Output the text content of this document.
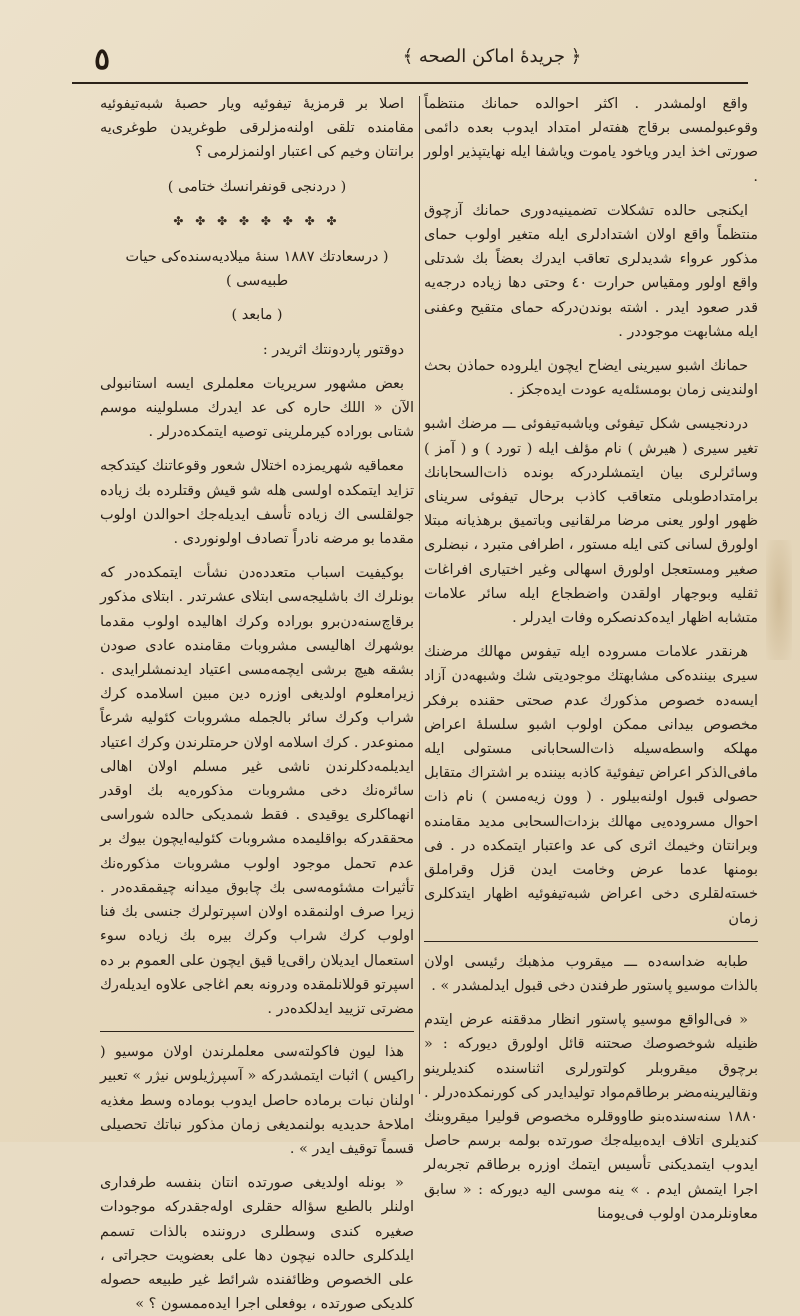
٥	﴿ جريدهٔ اماكن الصحه ﴾

واقع اولمشدر . اكثر احوالده حمانك منتظماً وقوعبولمسى برقاج هفته‌لر امتداد ايدوب بعده دائمى صورتى اخذ ايدر وياخود ياموت وياشفا ايله نهايتپذير اولور .

ايكنجى حالده تشكلات تضمينيه‌دورى حمانك آزچوق منتظماً واقع اولان اشتدادلرى ايله متغير اولوب حماى مذكور عرواء شديدلرى تعاقب ايدرك بعضاً بك شدتلى واقع اولور ومقياس حرارت ٤٠ وحتى دها زياده درجه‌يه قدر صعود ايدر . اشته بوندن‌دركه حماى متقيح وعفنى ايله مشابهت موجوددر .

حمانك اشبو سيرينى ايضاح ايچون ايلروده حماذن بحث اولندينى زمان بومسئله‌يه عودت ايده‌جكز .

دردنجيسى شكل تيفوئى وياشبه‌تيفوئى ـــ مرضك اشبو تغير سيرى ( هيرش ) نام مؤلف ايله ( تورد ) و ( آمز ) وسائرلرى بيان ايتمشلردركه بونده ذات‌السحابانك برامتدادطوبلى متعاقب كاذب برحال تيفوئى سريناى ظهور اولور يعنى مرضا مرلقانيى وباتميق برهذيانه مبتلا اولورق لسانى كتى ايله مستور ، اطرافى متبرد ، نبضلرى صغير ومستعجل اولورق اسهالى وغير اختيارى افراغات ثقليه وبوجهار اولقدن واضطجاع ايله سائر علامات متشابه اظهار ايده‌كدنصكره وفات ايدرلر .

هرنقدر علامات مسروده ايله تيفوس مهالك مرضنك سيرى بيننده‌كى مشابهتك موجوديتى شك وشبهه‌دن آزاد ايسه‌ده خصوص مذكورك عدم صحتى حقنده برفكر مخصوص بيدانى ممكن اولوب اشبو سلسله‌ٔ اعراض مهلكه واسطه‌سيله ذات‌السحابانى مستولى ايله مافى‌الذكر اعراض تيفوئية كاذبه بيننده بر اشتراك متقابل حصولى قبول اولنه‌بيلور . ( وون زيه‌مسن ) نام ذات احوال مسروده‌يى مهالك بزدات‌السحابى مدید مقامنده وبرانتان وخيمك اثرى كى عد واعتبار ايتمكده در . فى بومنها عدما عرض وخامت ايدن قزل وقراملق خسته‌لقلرى دخى اعراض شبه‌تيفوئيه اظهار ايتدكلرى زمان

طبابه ضداسه‌ده ـــ ميقروب مذهبك رئيسى اولان بالذات موسيو پاستور طرفندن دخى قبول ايدلمشدر » .

« فى‌الواقع موسيو پاستور انظار مدققنه عرض ايتدم ظنيله شوخصوصك صحتنه قائل اولورق ديوركه : « برچوق ميقروبلر كولتورلرى اثناسنده كنديلرينو ونقاليرينه‌مضر برطاقم‌مواد توليدايدر كى كورنمكده‌درلر . ١٨٨٠ سنه‌سنده‌بنو طاووقلره مخصوص قوليرا ميقروبنك كنديلرى اتلاف ايده‌بيله‌جك صورتده بولمه برسم حاصل ايدوب ايتمديكنى تأسيس ايتمك اوزره برطاقم تجربه‌لر اجرا ايتمش ايدم . » ينه موسى اليه ديوركه : « سابق معاونلرمدن اولوب فى‌يومنا

اصلا بر قرمزيهٔ تيفوئيه ويار حصبهٔ شبه‌تيفوئيه مقامنده تلقى اولنه‌مزلرقى طوغريدن طوغرى‌يه برانتان وخيم كى اعتبار اولنمزلرمى ؟

( دردنجى قونفرانسك ختامى )

✤ ✤ ✤ ✤ ✤ ✤ ✤ ✤

( درسعادتك ١٨٨٧ سنهٔ ميلاديه‌سنده‌كى حيات طبيه‌سى )

( مابعد )

دوقتور پاردونتك اثريدر :

بعض مشهور سريريات معلملرى ايسه استانبولى الآن « اللك حاره كى عد ايدرك مسلولينه موسم شتاىى بوراده كيرملرينى توصيه ايتمكده‌درلر .

معماقيه شهريمزده اختلال شعور وقوعاتنك كيتدكجه تزايد ايتمكده اولسى هله شو قيش وقتلرده بك زياده جولقلسى اك زياده تأسف ايديله‌جك احوالدن اولوب مقدما بو مرضه نادراً تصادف اولونوردى .

بوكيفيت اسباب متعدده‌دن نشأت ايتمكده‌در كه بونلرك اك باشليجه‌سى ابتلاى عشرتدر . ابتلاى مذكور برقاچ‌سنه‌دن‌برو بوراده وكرك اهاليده اولوب مقدما بوشهرك اهاليسى مشروبات مقامنده عادى صودن بشقه هيچ برشى ايچمه‌مسى اعتياد ايدنمشلرايدى . زيرامعلوم اولديغى اوزره دين مبين اسلامده كرك شراب وكرك سائر بالجمله مشروبات كئوليه شرعاً ممنوعدر . كرك اسلامه اولان حرمتلرندن وكرك اعتياد ايديلمه‌دكلرندن ناشى غير مسلم اولان اهالى سائره‌نك دخى مشروبات مذكوره‌يه بك اوقدر انهماكلرى يوقيدى . فقط شمديكى حالده شوراسى محققدركه بواقليمده مشروبات كئوليه‌ايچون بيوك بر عدم تحمل موجود اولوب مشروبات مذكوره‌نك تأثيرات مشئومه‌سى بك چابوق ميدانه چيقمقده‌در . زيرا صرف اولنمقده اولان اسپرتولرك جنسى بك فنا اولوب كرك شراب وكرك بيره بك زياده سوء استعمال ايديلان راقى‌يا قيق ايچون على العموم بر ده اسپرتو قوللانلمقده ودرونه بعم اغاجى علاوه ايديله‌رك مضرتى تزييد ايدلكده‌در .

هذا ليون فاكولته‌سى معلملرندن اولان موسيو ( راكيس ) اثبات ايتمشدركه « آسپرژيلوس نيژر » تعبير اولنان نبات برماده حاصل ايدوب بوماده وسط مغذيه املاحهٔ حديديه بولنمديغى زمان مذكور نباتك تحصيلى قسماً توقيف ايدر » .

« بونله اولديغى صورتده انتان بنفسه طرفدارى اولنلر بالطبع سؤاله حقلرى اوله‌جقدركه موجودات صغيره كندى وسطلرى دروننده بالذات تسمم ايلدكلرى حالده نيچون دها على بعضويت حجراتى ، على الخصوص وظائفنده شرائط غير طبيعه حصوله كلديكى صورتده ، بوفعلى اجرا ايده‌ممسون ؟ »
